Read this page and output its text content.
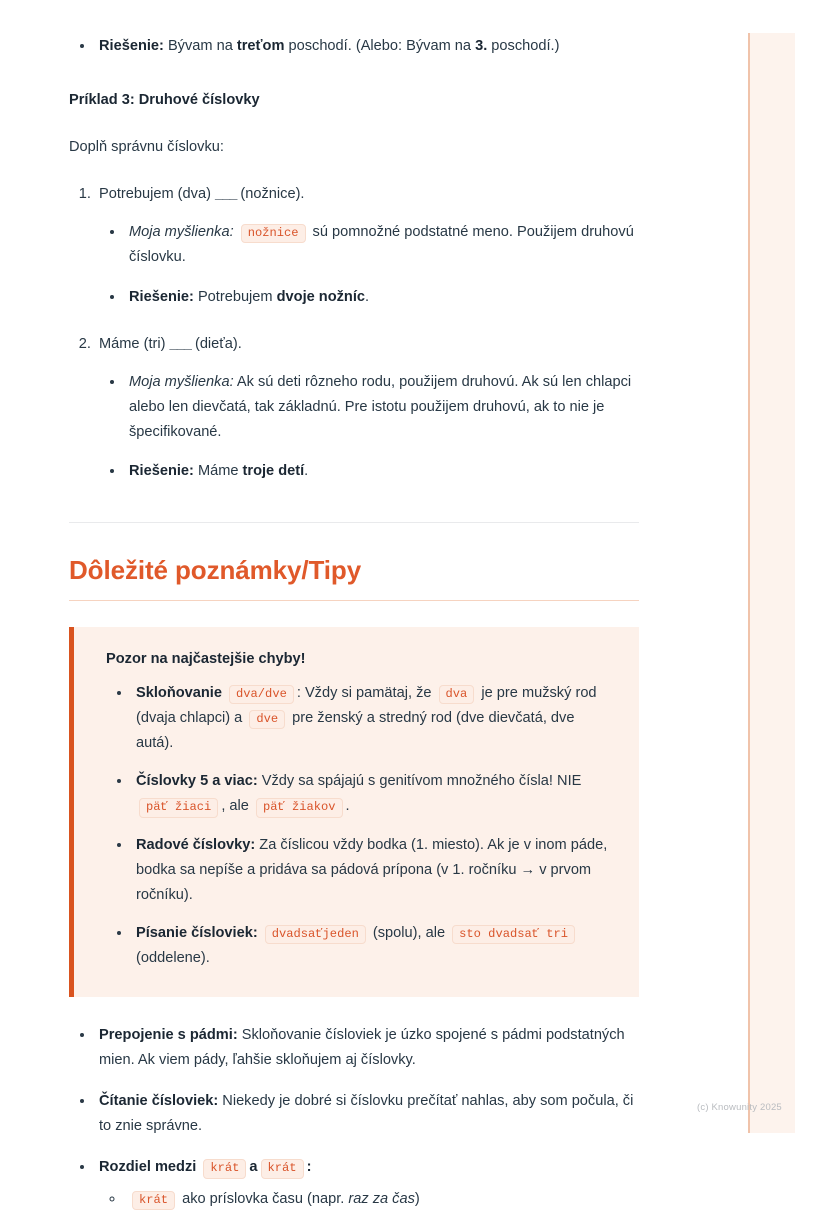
(c) Knowunity 2025
• Riešenie: Bývam na treťom poschodí. (Alebo: Bývam na 3. poschodí.)

Príklad 3: Druhové číslovky

Doplň správnu číslovku:

1. Potrebujem (dva) ___ (nožnice).
• Moja myšlienka: nožnice sú pomnožné podstatné meno. Použijem druhovú číslovku.
• Riešenie: Potrebujem dvoje nožníc.
2. Máme (tri) ___ (dieťa).
• Moja myšlienka: Ak sú deti rôzneho rodu, použijem druhovú. Ak sú len chlapci alebo len dievčatá, tak základnú. Pre istotu použijem druhovú, ak to nie je špecifikované.
• Riešenie: Máme troje detí.
Dôležité poznámky/Tipy

Pozor na najčastejšie chyby!

• Skloňovanie dva/dve : Vždy si pamätaj, že dva je pre mužský rod (dvaja chlapci) a dve pre ženský a stredný rod (dve dievčatá, dve autá).
• Číslovky 5 a viac: Vždy sa spájajú s genitívom množného čísla! NIE päť žiaci , ale päť žiakov .
• Radové číslovky: Za číslicou vždy bodka (1. miesto). Ak je v inom páde, bodka sa nepíše a pridáva sa pádová prípona (v 1. ročníku → v prvom ročníku).
• Písanie čísloviek: dvadsaťjeden (spolu), ale sto dvadsať tri (oddelene).
• Prepojenie s pádmi: Skloňovanie čísloviek je úzko spojené s pádmi podstatných mien. Ak viem pády, ľahšie skloňujem aj číslovky.
• Čítanie čísloviek: Niekedy je dobré si číslovku prečítať nahlas, aby som počula, či to znie správne.
• Rozdiel medzi krát a krát :
◦ krát ako príslovka času (napr. raz za čas)
